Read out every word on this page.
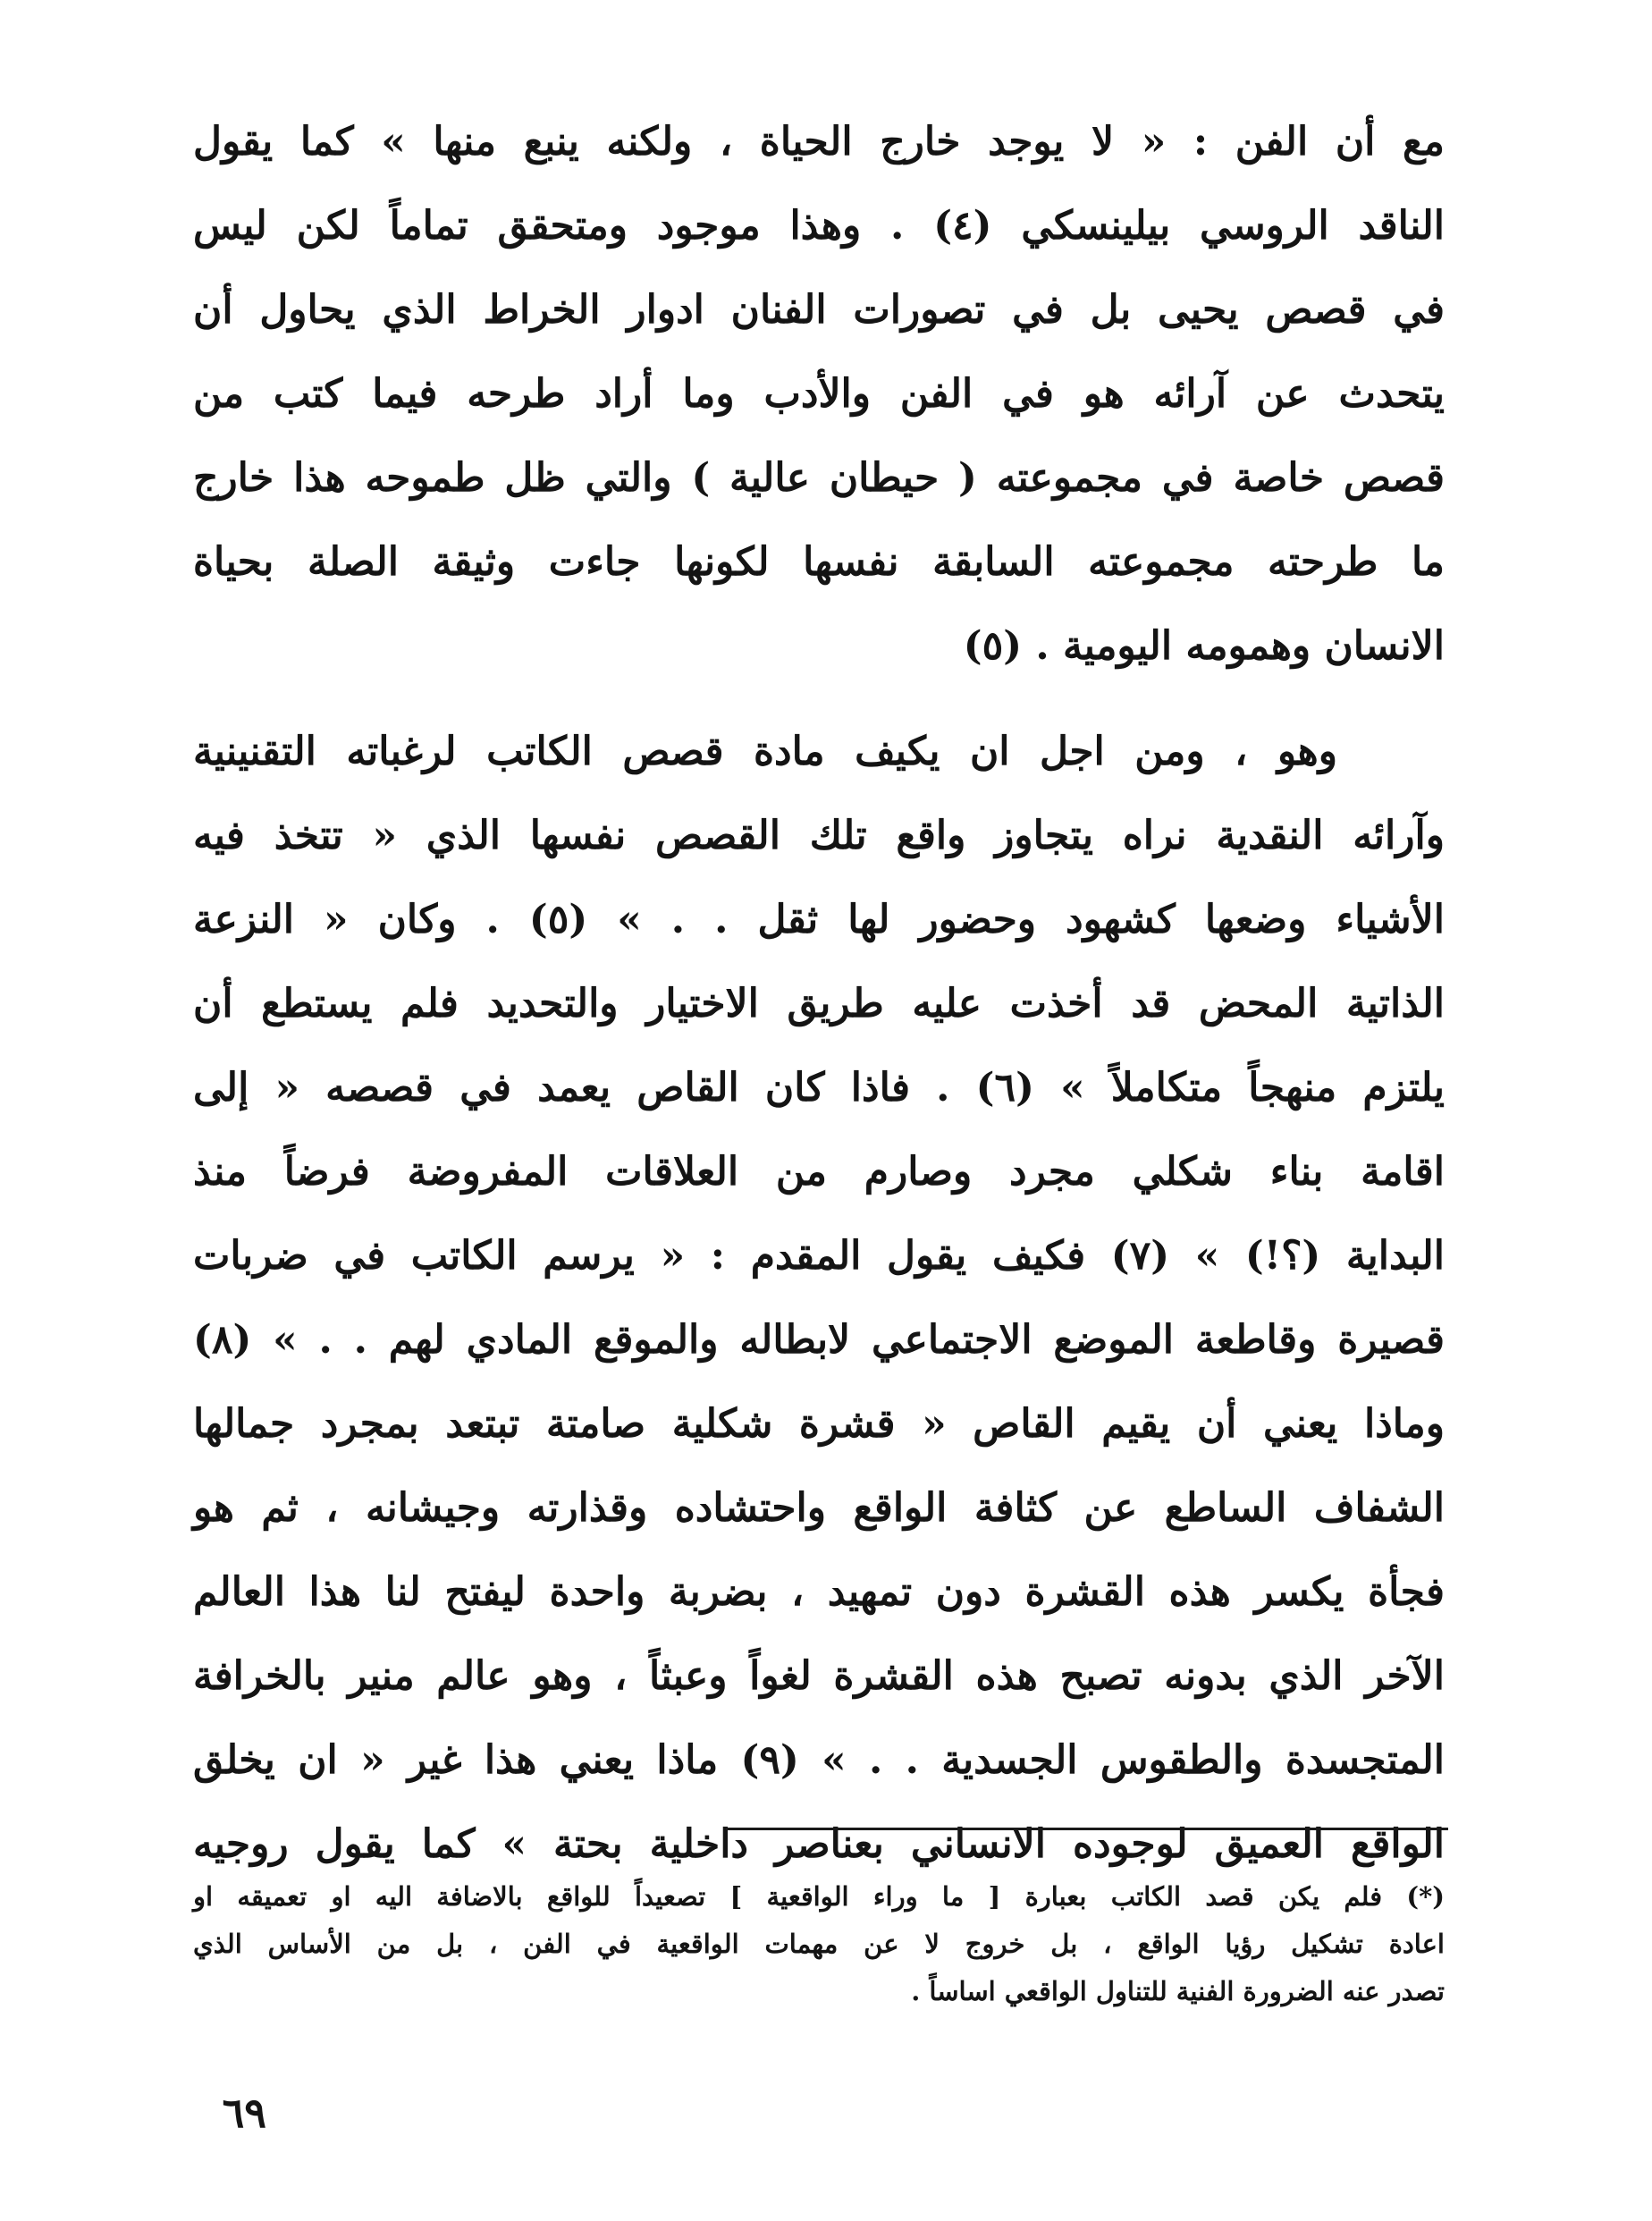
مع أن الفن : « لا يوجد خارج الحياة ، ولكنه ينبع منها » كما يقول
الناقد الروسي بيلينسكي (٤) . وهذا موجود ومتحقق تماماً لكن ليس
في قصص يحيى بل في تصورات الفنان ادوار الخراط الذي يحاول أن
يتحدث عن آرائه هو في الفن والأدب وما أراد طرحه فيما كتب من
قصص خاصة في مجموعته ( حيطان عالية ) والتي ظل طموحه هذا خارج
ما طرحته مجموعته السابقة نفسها لكونها جاءت وثيقة الصلة بحياة
الانسان وهمومه اليومية . (٥)
وهو ، ومن اجل ان يكيف مادة قصص الكاتب لرغباته التقنينية
وآرائه النقدية نراه يتجاوز واقع تلك القصص نفسها الذي « تتخذ فيه
الأشياء وضعها كشهود وحضور لها ثقل . . » (٥) . وكان « النزعة
الذاتية المحض قد أخذت عليه طريق الاختيار والتحديد فلم يستطع أن
يلتزم منهجاً متكاملاً » (٦) . فاذا كان القاص يعمد في قصصه « إلى
اقامة بناء شكلي مجرد وصارم من العلاقات المفروضة فرضاً منذ
البداية (؟!) » (٧) فكيف يقول المقدم : « يرسم الكاتب في ضربات
قصيرة وقاطعة الموضع الاجتماعي لابطاله والموقع المادي لهم . . » (٨)
وماذا يعني أن يقيم القاص « قشرة شكلية صامتة تبتعد بمجرد جمالها
الشفاف الساطع عن كثافة الواقع واحتشاده وقذارته وجيشانه ، ثم هو
فجأة يكسر هذه القشرة دون تمهيد ، بضربة واحدة ليفتح لنا هذا العالم
الآخر الذي بدونه تصبح هذه القشرة لغواً وعبثاً ، وهو عالم منير بالخرافة
المتجسدة والطقوس الجسدية . . » (٩) ماذا يعني هذا غير « ان يخلق
الواقع العميق لوجوده الانساني بعناصر داخلية بحتة » كما يقول روجيه
(*) فلم يكن قصد الكاتب بعبارة [ ما وراء الواقعية ] تصعيداً للواقع بالاضافة اليه او تعميقه او
اعادة تشكيل رؤيا الواقع ، بل خروج لا عن مهمات الواقعية في الفن ، بل من الأساس الذي
تصدر عنه الضرورة الفنية للتناول الواقعي اساساً .
٦٩
